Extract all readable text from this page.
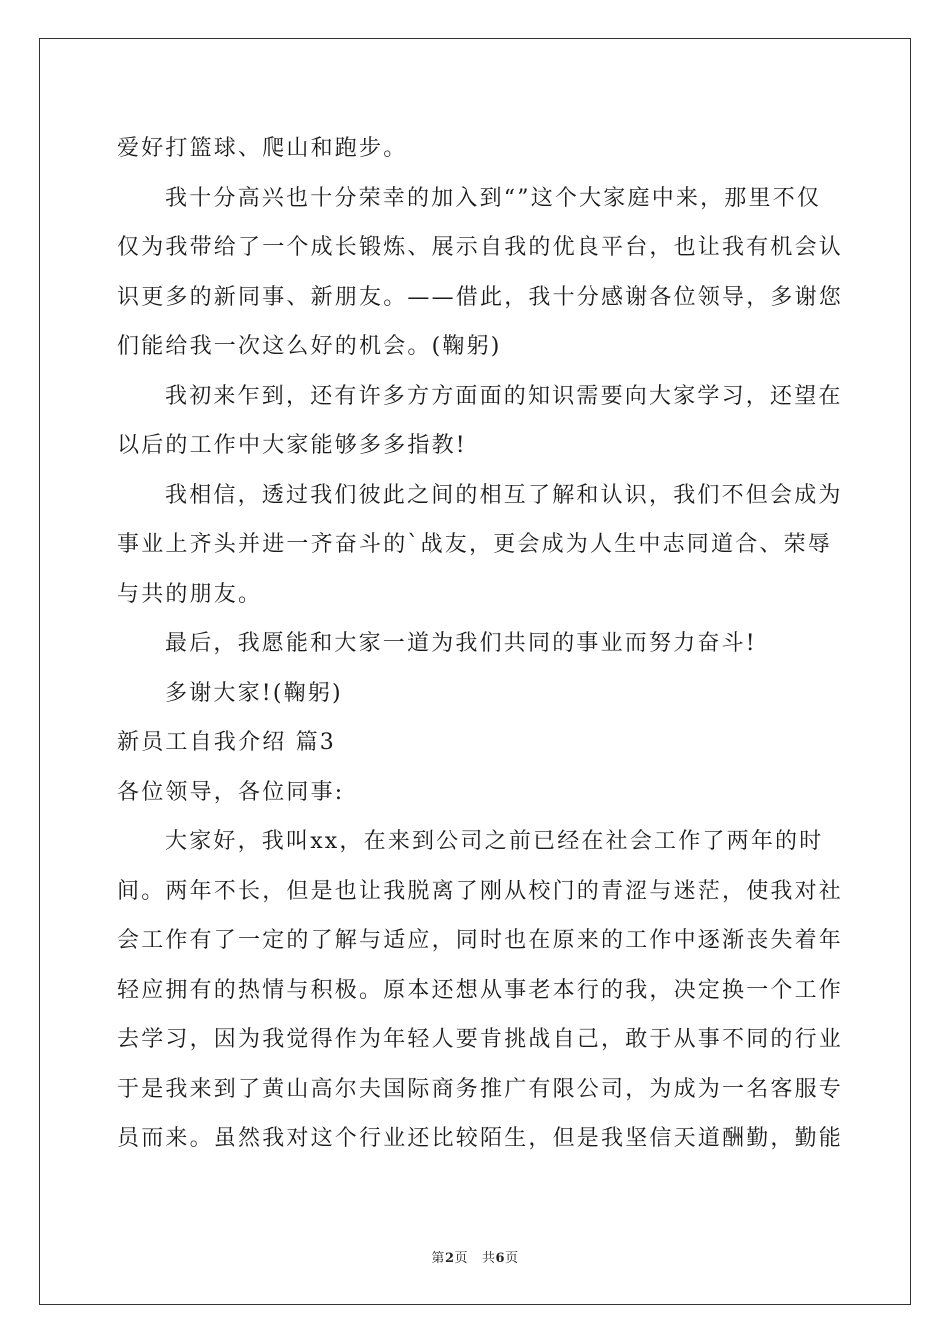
爱好打篮球、爬山和跑步。
我十分高兴也十分荣幸的加入到“”这个大家庭中来，那里不仅
仅为我带给了一个成长锻炼、展示自我的优良平台，也让我有机会认
识更多的新同事、新朋友。——借此，我十分感谢各位领导，多谢您
们能给我一次这么好的机会。(鞠躬)
我初来乍到，还有许多方方面面的知识需要向大家学习，还望在
以后的工作中大家能够多多指教!
我相信，透过我们彼此之间的相互了解和认识，我们不但会成为
事业上齐头并进一齐奋斗的`战友，更会成为人生中志同道合、荣辱
与共的朋友。
最后，我愿能和大家一道为我们共同的事业而努力奋斗!
多谢大家!(鞠躬)
新员工自我介绍 篇3
各位领导，各位同事:
大家好，我叫xx，在来到公司之前已经在社会工作了两年的时
间。两年不长，但是也让我脱离了刚从校门的青涩与迷茫，使我对社
会工作有了一定的了解与适应，同时也在原来的工作中逐渐丧失着年
轻应拥有的热情与积极。原本还想从事老本行的我，决定换一个工作
去学习，因为我觉得作为年轻人要肯挑战自己，敢于从事不同的行业
于是我来到了黄山高尔夫国际商务推广有限公司，为成为一名客服专
员而来。虽然我对这个行业还比较陌生，但是我坚信天道酬勤，勤能
第2页 共6页
